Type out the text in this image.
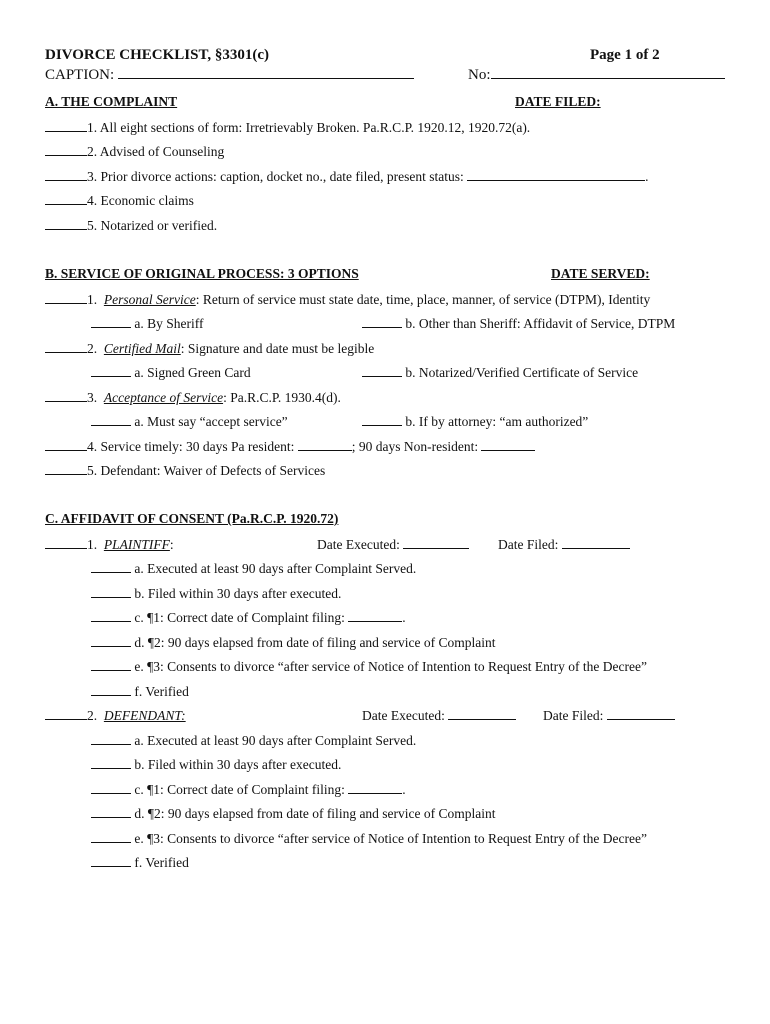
DIVORCE CHECKLIST, §3301(c)	Page 1 of 2
CAPTION:	No:
A. THE COMPLAINT	DATE FILED:
1. All eight sections of form: Irretrievably Broken. Pa.R.C.P. 1920.12, 1920.72(a).
2. Advised of Counseling
3. Prior divorce actions: caption, docket no., date filed, present status:	.
4. Economic claims
5. Notarized or verified.
B. SERVICE OF ORIGINAL PROCESS: 3 OPTIONS	DATE SERVED:
1. Personal Service: Return of service must state date, time, place, manner, of service (DTPM), Identity
a. By Sheriff	b. Other than Sheriff: Affidavit of Service, DTPM
2. Certified Mail: Signature and date must be legible
a. Signed Green Card	b. Notarized/Verified Certificate of Service
3. Acceptance of Service: Pa.R.C.P. 1930.4(d).
a. Must say “accept service”	b. If by attorney: “am authorized”
4. Service timely: 30 days Pa resident:	; 90 days Non-resident:
5. Defendant: Waiver of Defects of Services
C. AFFIDAVIT OF CONSENT (Pa.R.C.P. 1920.72)
1. PLAINTIFF:	Date Executed:	Date Filed:
a. Executed at least 90 days after Complaint Served.
b. Filed within 30 days after executed.
c. ¶1: Correct date of Complaint filing:	.
d. ¶2: 90 days elapsed from date of filing and service of Complaint
e. ¶3: Consents to divorce “after service of Notice of Intention to Request Entry of the Decree”
f. Verified
2. DEFENDANT:	Date Executed:	Date Filed:
a. Executed at least 90 days after Complaint Served.
b. Filed within 30 days after executed.
c. ¶1: Correct date of Complaint filing:	.
d. ¶2: 90 days elapsed from date of filing and service of Complaint
e. ¶3: Consents to divorce “after service of Notice of Intention to Request Entry of the Decree”
f. Verified
